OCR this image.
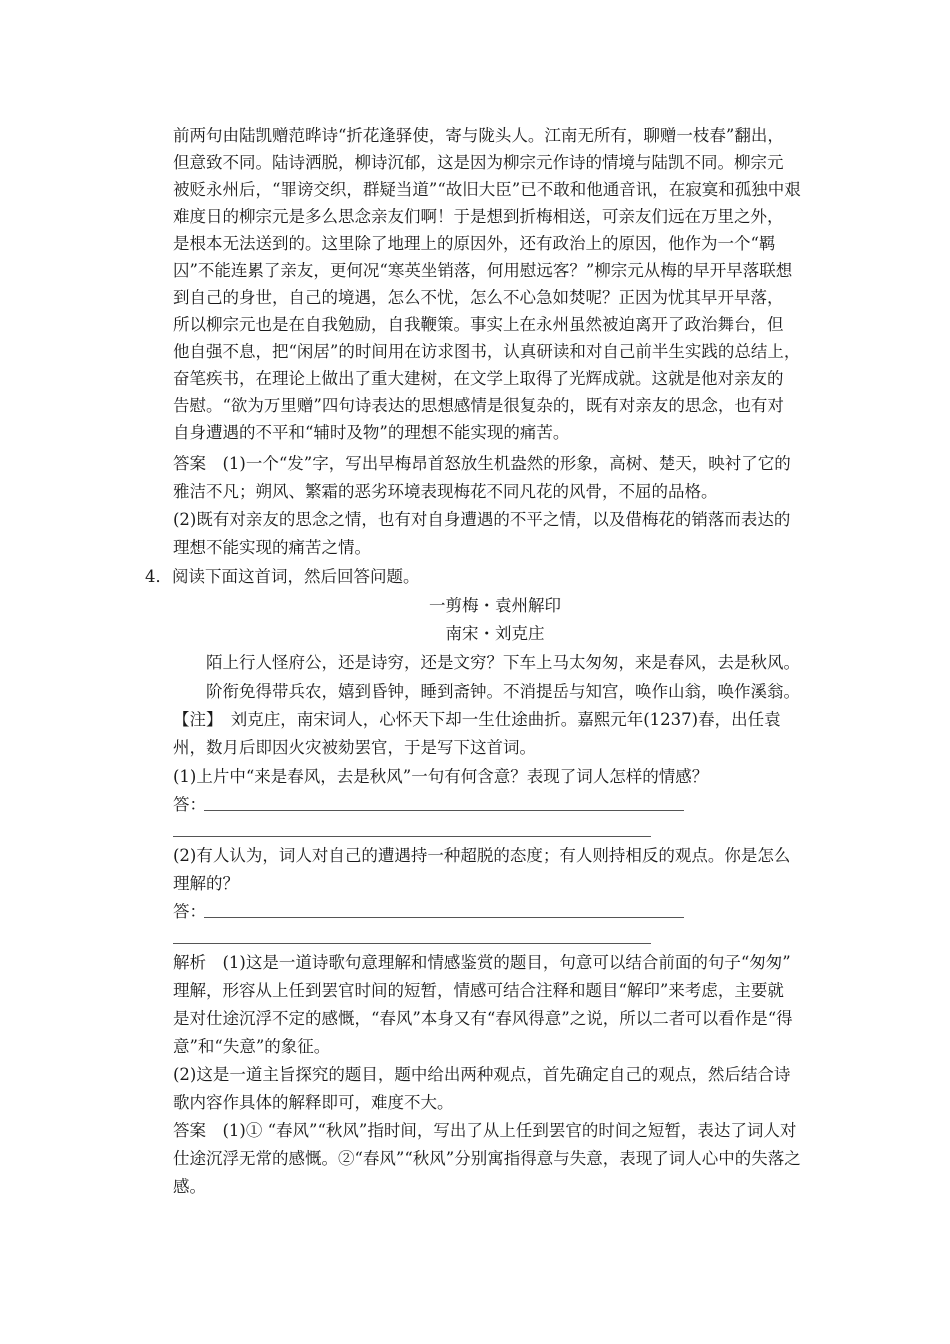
前两句由陆凯赠范晔诗“折花逢驿使，寄与陇头人。江南无所有，聊赠一枝春”翻出，
但意致不同。陆诗洒脱，柳诗沉郁，这是因为柳宗元作诗的情境与陆凯不同。柳宗元
被贬永州后，“罪谤交织，群疑当道”“故旧大臣”已不敢和他通音讯，在寂寞和孤独中艰
难度日的柳宗元是多么思念亲友们啊！于是想到折梅相送，可亲友们远在万里之外，
是根本无法送到的。这里除了地理上的原因外，还有政治上的原因，他作为一个“羁
囚”不能连累了亲友，更何况“寒英坐销落，何用慰远客？”柳宗元从梅的早开早落联想
到自己的身世，自己的境遇，怎么不忧，怎么不心急如焚呢？正因为忧其早开早落，
所以柳宗元也是在自我勉励，自我鞭策。事实上在永州虽然被迫离开了政治舞台，但
他自强不息，把“闲居”的时间用在访求图书，认真研读和对自己前半生实践的总结上，
奋笔疾书，在理论上做出了重大建树，在文学上取得了光辉成就。这就是他对亲友的
告慰。“欲为万里赠”四句诗表达的思想感情是很复杂的，既有对亲友的思念，也有对
自身遭遇的不平和“辅时及物”的理想不能实现的痛苦。
答案　(1)一个“发”字，写出早梅昂首怒放生机盎然的形象，高树、楚天，映衬了它的
雅洁不凡；朔风、繁霜的恶劣环境表现梅花不同凡花的风骨，不屈的品格。
(2)既有对亲友的思念之情，也有对自身遭遇的不平之情，以及借梅花的销落而表达的
理想不能实现的痛苦之情。
4．阅读下面这首词，然后回答问题。
一剪梅・袁州解印
南宋・刘克庄
陌上行人怪府公，还是诗穷，还是文穷？下车上马太匆匆，来是春风，去是秋风。
阶衔免得带兵农，嬉到昏钟，睡到斋钟。不消提岳与知宫，唤作山翁，唤作溪翁。
【注】　刘克庄，南宋词人，心怀天下却一生仕途曲折。嘉熙元年(1237)春，出任袁
州，数月后即因火灾被劾罢官，于是写下这首词。
(1)上片中“来是春风，去是秋风”一句有何含意？表现了词人怎样的情感？
答：
(2)有人认为，词人对自己的遭遇持一种超脱的态度；有人则持相反的观点。你是怎么
理解的？
答：
解析　(1)这是一道诗歌句意理解和情感鉴赏的题目，句意可以结合前面的句子“匆匆”
理解，形容从上任到罢官时间的短暂，情感可结合注释和题目“解印”来考虑，主要就
是对仕途沉浮不定的感慨，“春风”本身又有“春风得意”之说，所以二者可以看作是“得
意”和“失意”的象征。
(2)这是一道主旨探究的题目，题中给出两种观点，首先确定自己的观点，然后结合诗
歌内容作具体的解释即可，难度不大。
答案　(1)① “春风”“秋风”指时间，写出了从上任到罢官的时间之短暂，表达了词人对
仕途沉浮无常的感慨。②“春风”“秋风”分别寓指得意与失意，表现了词人心中的失落之
感。
